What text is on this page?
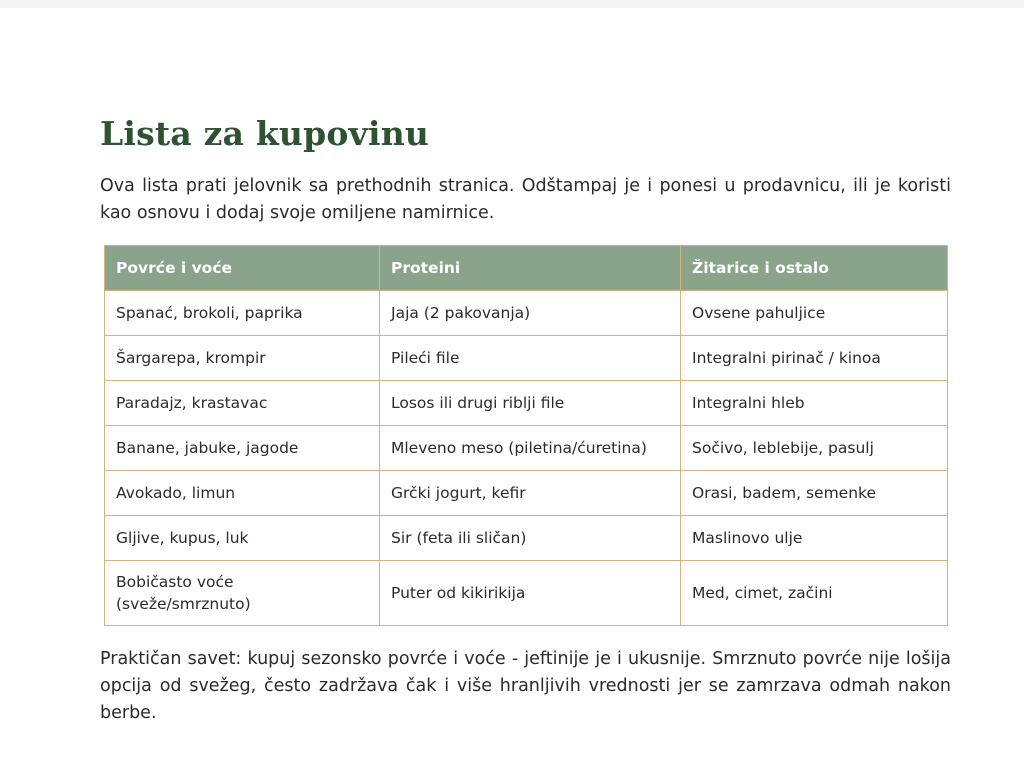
Lista za kupovinu

Ova lista prati jelovnik sa prethodnih stranica. Odštampaj je i ponesi u prodavnicu, ili je koristi kao osnovu i dodaj svoje omiljene namirnice.

Povrće i voće	Proteini	Žitarice i ostalo
Spanać, brokoli, paprika	Jaja (2 pakovanja)	Ovsene pahuljice
Šargarepa, krompir	Pileći file	Integralni pirinač / kinoa
Paradajz, krastavac	Losos ili drugi riblji file	Integralni hleb
Banane, jabuke, jagode	Mleveno meso (piletina/ćuretina)	Sočivo, leblebije, pasulj
Avokado, limun	Grčki jogurt, kefir	Orasi, badem, semenke
Gljive, kupus, luk	Sir (feta ili sličan)	Maslinovo ulje
Bobičasto voće (sveže/smrznuto)	Puter od kikirikija	Med, cimet, začini

Praktičan savet: kupuj sezonsko povrće i voće - jeftinije je i ukusnije. Smrznuto povrće nije lošija opcija od svežeg, često zadržava čak i više hranljivih vrednosti jer se zamrzava odmah nakon berbe.
